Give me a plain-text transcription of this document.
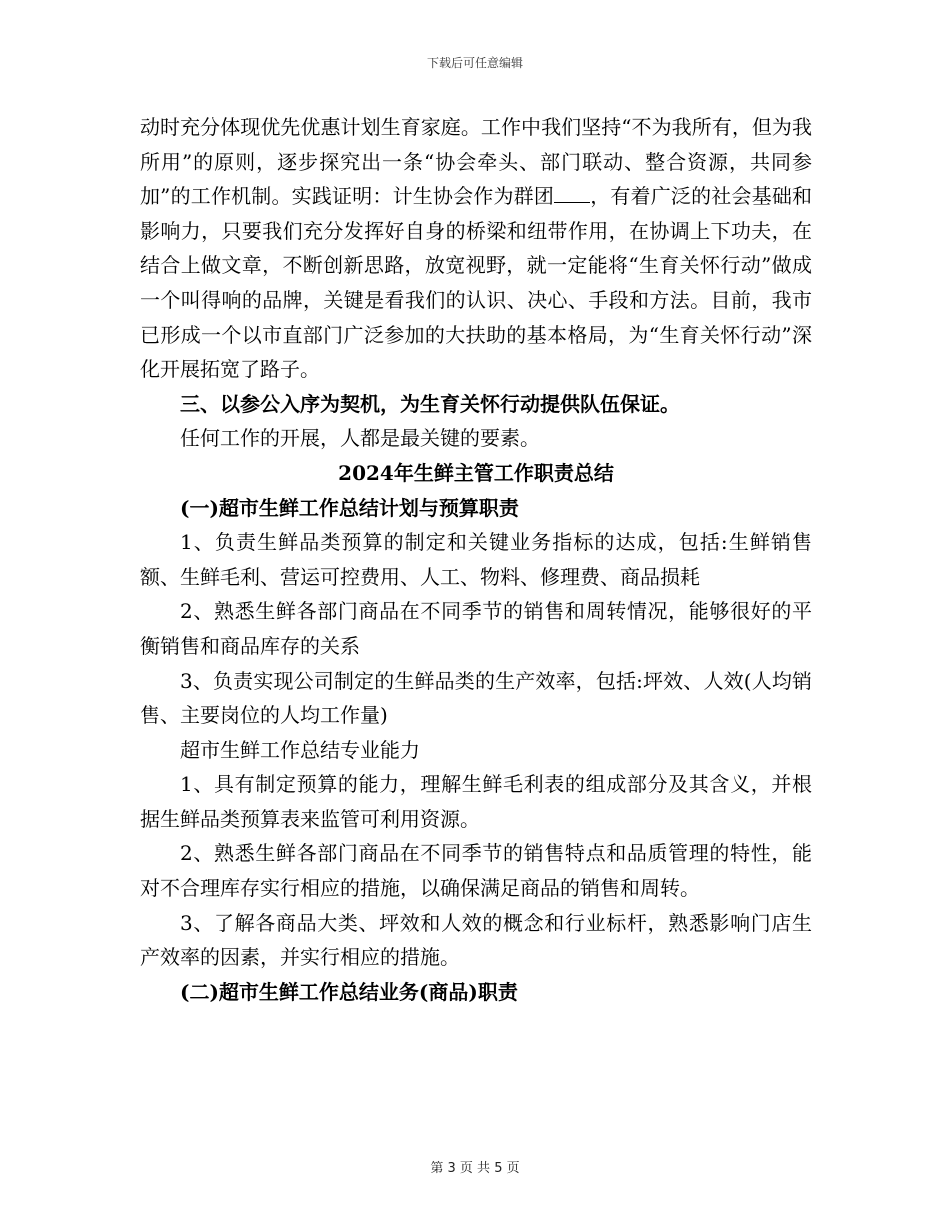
下载后可任意编辑

动时充分体现优先优惠计划生育家庭。工作中我们坚持“不为我所有，但为我所用”的原则，逐步探究出一条“协会牵头、部门联动、整合资源，共同参加”的工作机制。实践证明：计生协会作为群团 ，有着广泛的社会基础和影响力，只要我们充分发挥好自身的桥梁和纽带作用，在协调上下功夫，在结合上做文章，不断创新思路，放宽视野，就一定能将“生育关怀行动”做成一个叫得响的品牌，关键是看我们的认识、决心、手段和方法。目前，我市已形成一个以市直部门广泛参加的大扶助的基本格局，为“生育关怀行动”深化开展拓宽了路子。

三、以参公入序为契机，为生育关怀行动提供队伍保证。

任何工作的开展，人都是最关键的要素。

2024年生鲜主管工作职责总结

(一)超市生鲜工作总结计划与预算职责

1、负责生鲜品类预算的制定和关键业务指标的达成，包括:生鲜销售额、生鲜毛利、营运可控费用、人工、物料、修理费、商品损耗

2、熟悉生鲜各部门商品在不同季节的销售和周转情况，能够很好的平衡销售和商品库存的关系

3、负责实现公司制定的生鲜品类的生产效率，包括:坪效、人效(人均销售、主要岗位的人均工作量)

超市生鲜工作总结专业能力

1、具有制定预算的能力，理解生鲜毛利表的组成部分及其含义，并根据生鲜品类预算表来监管可利用资源。

2、熟悉生鲜各部门商品在不同季节的销售特点和品质管理的特性，能对不合理库存实行相应的措施，以确保满足商品的销售和周转。

3、了解各商品大类、坪效和人效的概念和行业标杆，熟悉影响门店生产效率的因素，并实行相应的措施。

(二)超市生鲜工作总结业务(商品)职责

第 3 页 共 5 页
